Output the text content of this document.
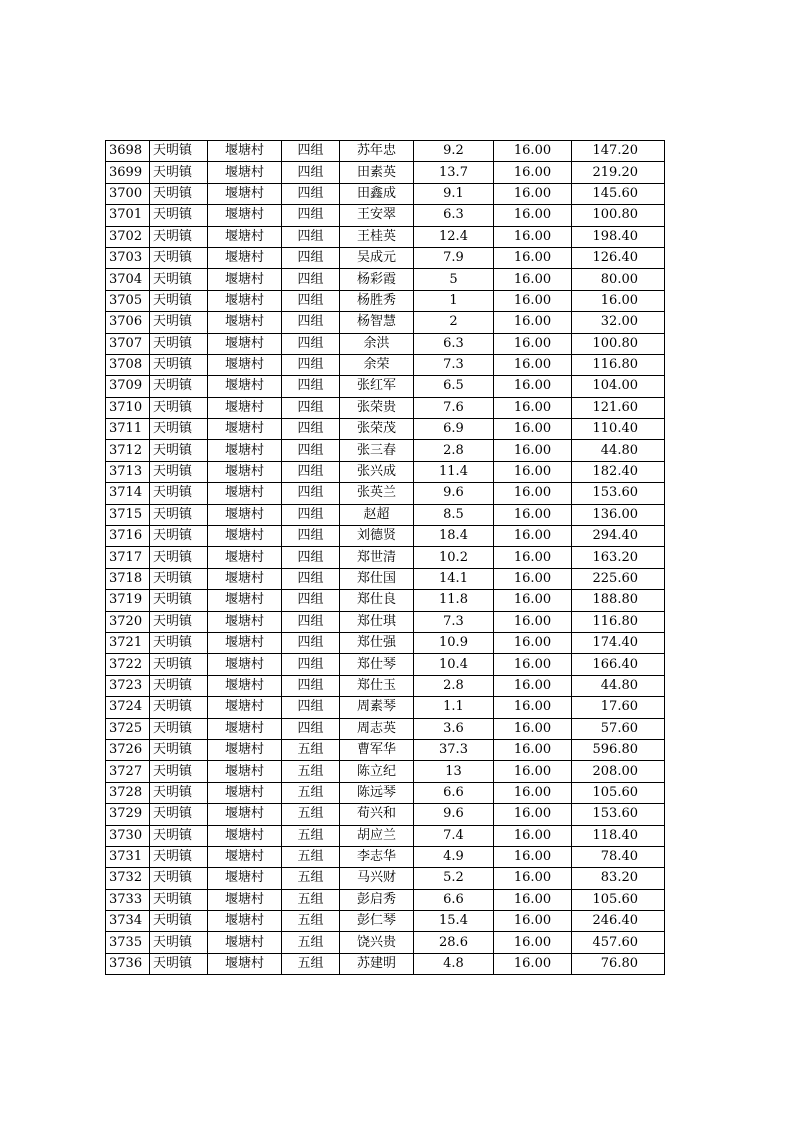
3698	天明镇	堰塘村	四组	苏年忠	9.2	16.00	147.20
3699	天明镇	堰塘村	四组	田素英	13.7	16.00	219.20
3700	天明镇	堰塘村	四组	田鑫成	9.1	16.00	145.60
3701	天明镇	堰塘村	四组	王安翠	6.3	16.00	100.80
3702	天明镇	堰塘村	四组	王桂英	12.4	16.00	198.40
3703	天明镇	堰塘村	四组	吴成元	7.9	16.00	126.40
3704	天明镇	堰塘村	四组	杨彩霞	5	16.00	80.00
3705	天明镇	堰塘村	四组	杨胜秀	1	16.00	16.00
3706	天明镇	堰塘村	四组	杨智慧	2	16.00	32.00
3707	天明镇	堰塘村	四组	余洪	6.3	16.00	100.80
3708	天明镇	堰塘村	四组	余荣	7.3	16.00	116.80
3709	天明镇	堰塘村	四组	张红军	6.5	16.00	104.00
3710	天明镇	堰塘村	四组	张荣贵	7.6	16.00	121.60
3711	天明镇	堰塘村	四组	张荣茂	6.9	16.00	110.40
3712	天明镇	堰塘村	四组	张三春	2.8	16.00	44.80
3713	天明镇	堰塘村	四组	张兴成	11.4	16.00	182.40
3714	天明镇	堰塘村	四组	张英兰	9.6	16.00	153.60
3715	天明镇	堰塘村	四组	赵超	8.5	16.00	136.00
3716	天明镇	堰塘村	四组	刘德贤	18.4	16.00	294.40
3717	天明镇	堰塘村	四组	郑世清	10.2	16.00	163.20
3718	天明镇	堰塘村	四组	郑仕国	14.1	16.00	225.60
3719	天明镇	堰塘村	四组	郑仕良	11.8	16.00	188.80
3720	天明镇	堰塘村	四组	郑仕琪	7.3	16.00	116.80
3721	天明镇	堰塘村	四组	郑仕强	10.9	16.00	174.40
3722	天明镇	堰塘村	四组	郑仕琴	10.4	16.00	166.40
3723	天明镇	堰塘村	四组	郑仕玉	2.8	16.00	44.80
3724	天明镇	堰塘村	四组	周素琴	1.1	16.00	17.60
3725	天明镇	堰塘村	四组	周志英	3.6	16.00	57.60
3726	天明镇	堰塘村	五组	曹军华	37.3	16.00	596.80
3727	天明镇	堰塘村	五组	陈立纪	13	16.00	208.00
3728	天明镇	堰塘村	五组	陈远琴	6.6	16.00	105.60
3729	天明镇	堰塘村	五组	荀兴和	9.6	16.00	153.60
3730	天明镇	堰塘村	五组	胡应兰	7.4	16.00	118.40
3731	天明镇	堰塘村	五组	李志华	4.9	16.00	78.40
3732	天明镇	堰塘村	五组	马兴财	5.2	16.00	83.20
3733	天明镇	堰塘村	五组	彭启秀	6.6	16.00	105.60
3734	天明镇	堰塘村	五组	彭仁琴	15.4	16.00	246.40
3735	天明镇	堰塘村	五组	饶兴贵	28.6	16.00	457.60
3736	天明镇	堰塘村	五组	苏建明	4.8	16.00	76.80
